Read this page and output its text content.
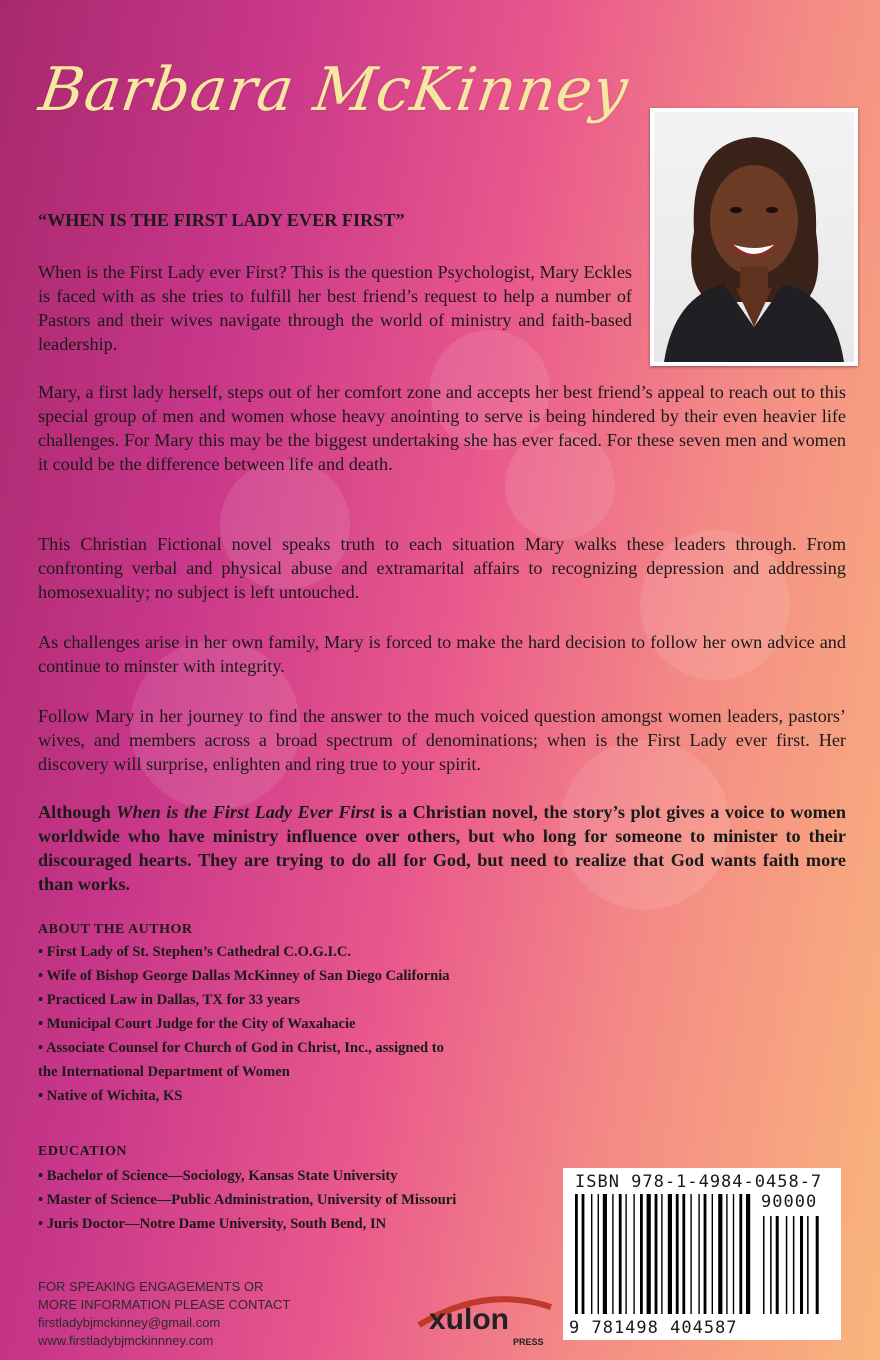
Barbara McKinney
“WHEN IS THE FIRST LADY EVER FIRST”
When is the First Lady ever First? This is the question Psychologist, Mary Eckles is faced with as she tries to fulfill her best friend’s request to help a number of Pastors and their wives navigate through the world of ministry and faith-based leadership.
Mary, a first lady herself, steps out of her comfort zone and accepts her best friend’s appeal to reach out to this special group of men and women whose heavy anointing to serve is being hindered by their even heavier life challenges. For Mary this may be the biggest undertaking she has ever faced. For these seven men and women it could be the difference between life and death.
This Christian Fictional novel speaks truth to each situation Mary walks these leaders through. From confronting verbal and physical abuse and extramarital affairs to recognizing depression and addressing homosexuality; no subject is left untouched.
As challenges arise in her own family, Mary is forced to make the hard decision to follow her own advice and continue to minster with integrity.
Follow Mary in her journey to find the answer to the much voiced question amongst women leaders, pastors’ wives, and members across a broad spectrum of denominations; when is the First Lady ever first. Her discovery will surprise, enlighten and ring true to your spirit.
Although When is the First Lady Ever First is a Christian novel, the story’s plot gives a voice to women worldwide who have ministry influence over others, but who long for someone to minister to their discouraged hearts. They are trying to do all for God, but need to realize that God wants faith more than works.
ABOUT THE AUTHOR
• First Lady of St. Stephen’s Cathedral C.O.G.I.C.
• Wife of Bishop George Dallas McKinney of San Diego California
• Practiced Law in Dallas, TX for 33 years
• Municipal Court Judge for the City of Waxahacie
• Associate Counsel for Church of God in Christ, Inc., assigned to
the International Department of Women
• Native of Wichita, KS
EDUCATION
• Bachelor of Science—Sociology, Kansas State University
• Master of Science—Public Administration, University of Missouri
• Juris Doctor—Notre Dame University, South Bend, IN
FOR SPEAKING ENGAGEMENTS OR
MORE INFORMATION PLEASE CONTACT
firstladybjmckinney@gmail.com
www.firstladybjmckinnney.com
xulon
PRESS
ISBN 978-1-4984-0458-7
90000
9 781498 404587
